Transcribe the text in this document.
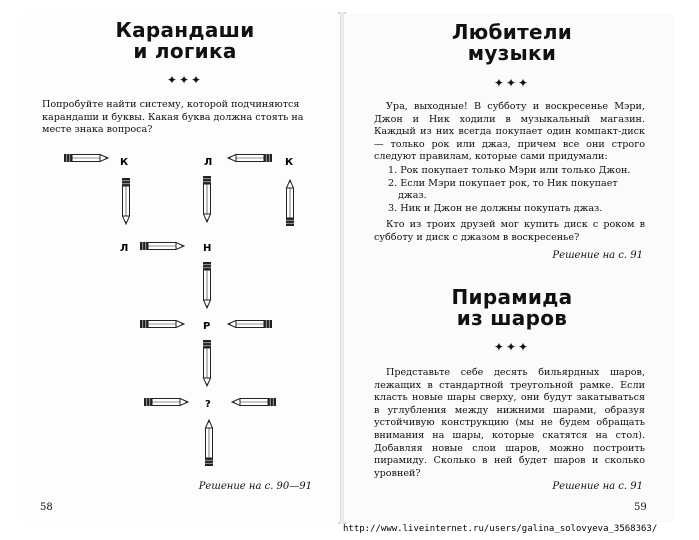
Карандаши
и логика
✦✦✦

Попробуйте найти систему, которой подчиняются карандаши и буквы. Какая буква должна стоять на месте знака вопроса?

К	Л	К
Л	Н
Р
?
Решение на с. 90—91
58
Любители
музыки
✦✦✦

Ура, выходные! В субботу и воскресенье Мэри, Джон и Ник ходили в музыкальный магазин. Каждый из них всегда покупает один компакт-диск — только рок или джаз, причем все они строго следуют правилам, которые сами придумали:

1. Рок покупает только Мэри или только Джон.
2. Если Мэри покупает рок, то Ник покупает джаз.
3. Ник и Джон не должны покупать джаз.

Кто из троих друзей мог купить диск с роком в субботу и диск с джазом в воскресенье?

Решение на с. 91
Пирамида
из шаров
✦✦✦

Представьте себе десять бильярдных шаров, лежащих в стандартной треугольной рамке. Если класть новые шары сверху, они будут закатываться в углубления между нижними шарами, образуя устойчивую конструкцию (мы не будем обращать внимания на шары, которые скатятся на стол). Добавляя новые слои шаров, можно построить пирамиду. Сколько в ней будет шаров и сколько уровней?

Решение на с. 91
59
http://www.liveinternet.ru/users/galina_solovyeva_3568363/
